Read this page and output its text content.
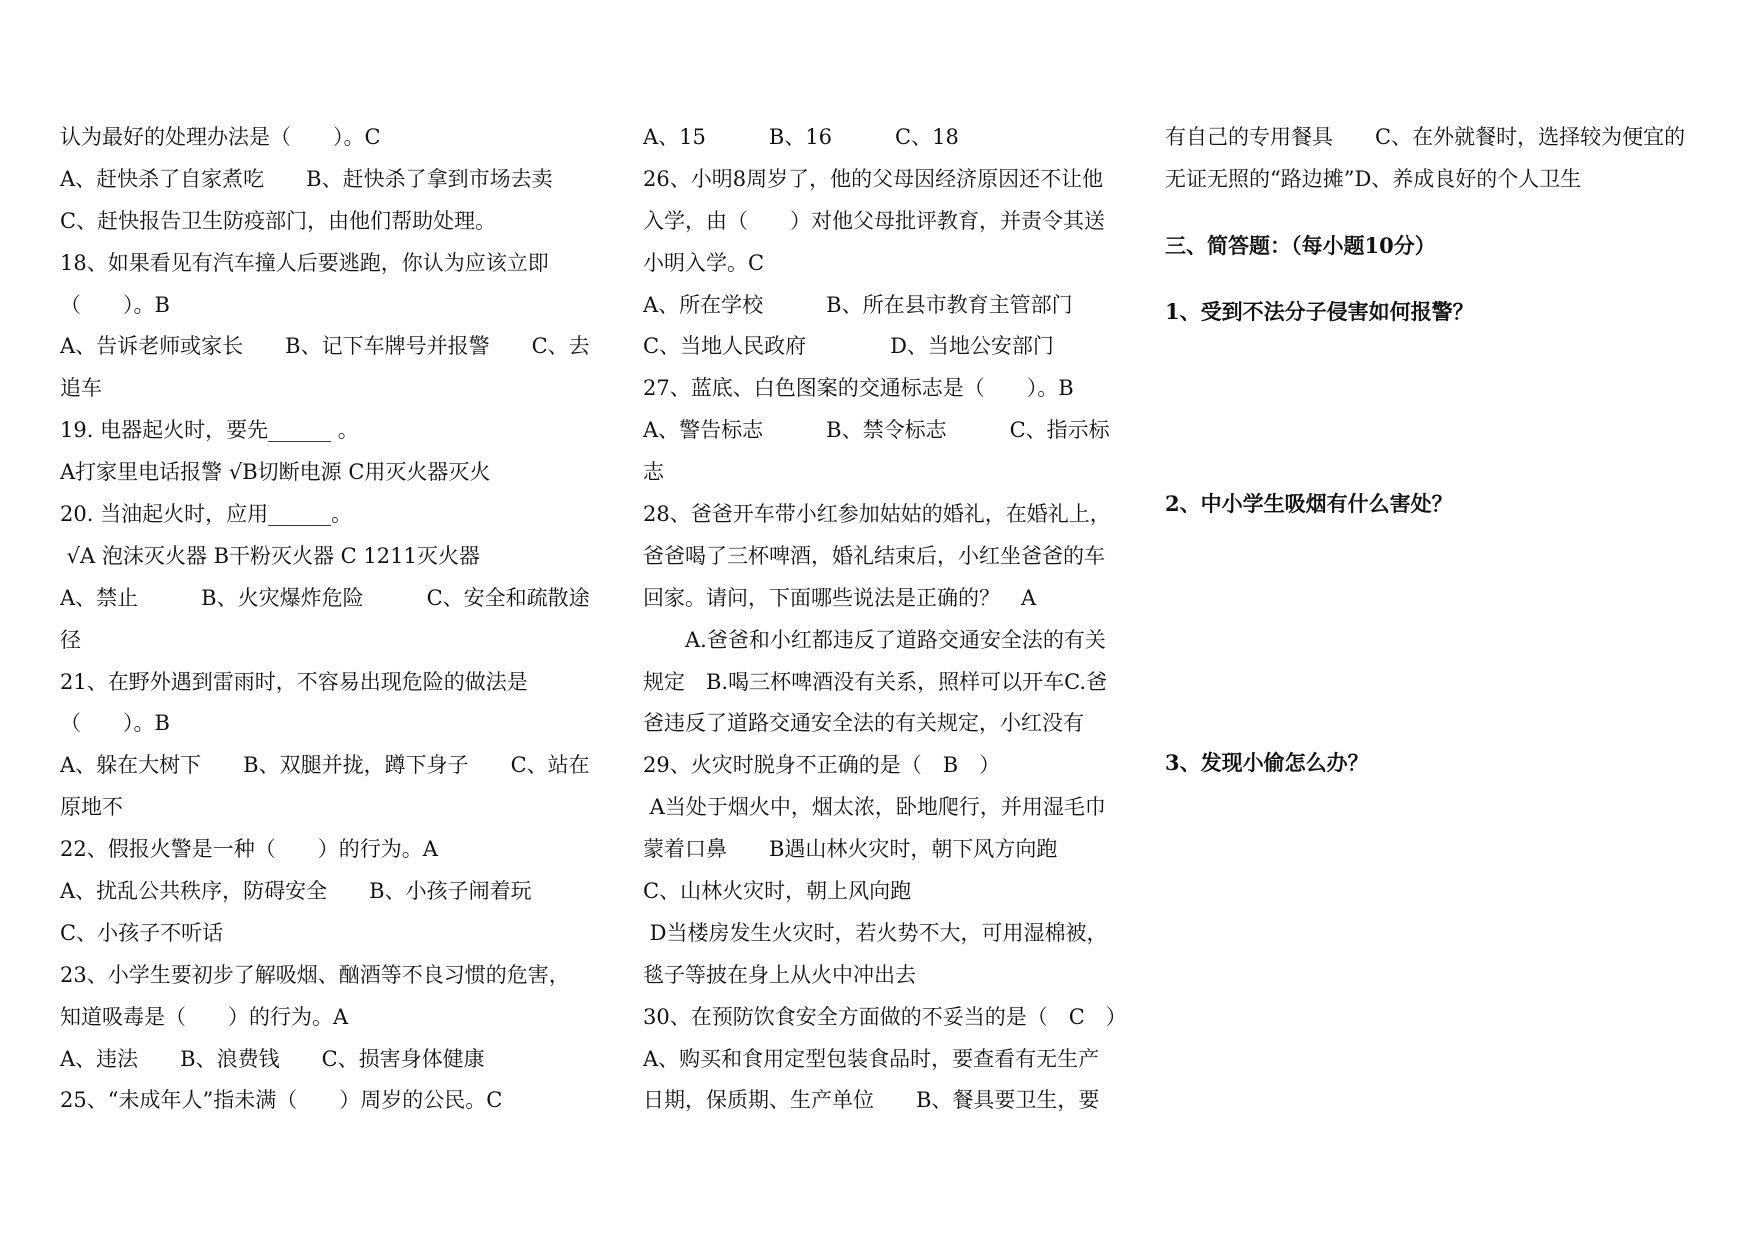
认为最好的处理办法是（　　）。C
A、赶快杀了自家煮吃　　B、赶快杀了拿到市场去卖
C、赶快报告卫生防疫部门，由他们帮助处理。
18、如果看见有汽车撞人后要逃跑，你认为应该立即
（　　）。B
A、告诉老师或家长　　B、记下车牌号并报警　　C、去
追车
19. 电器起火时，要先______ 。
A打家里电话报警 √B切断电源 C用灭火器灭火
20. 当油起火时，应用______。
√A 泡沫灭火器 B干粉灭火器 C 1211灭火器
A、禁止　　　B、火灾爆炸危险　　　C、安全和疏散途
径
21、在野外遇到雷雨时，不容易出现危险的做法是
（　　）。B
A、躲在大树下　　B、双腿并拢，蹲下身子　　C、站在
原地不
22、假报火警是一种（　　）的行为。A
A、扰乱公共秩序，防碍安全　　B、小孩子闹着玩
C、小孩子不听话
23、小学生要初步了解吸烟、酗酒等不良习惯的危害，
知道吸毒是（　　）的行为。A
A、违法　　B、浪费钱　　C、损害身体健康
25、“未成年人”指未满（　　）周岁的公民。C
A、15　　　B、16　　　C、18
26、小明8周岁了，他的父母因经济原因还不让他
入学，由（　　）对他父母批评教育，并责令其送
小明入学。C
A、所在学校　　　B、所在县市教育主管部门
C、当地人民政府　　　　D、当地公安部门
27、蓝底、白色图案的交通标志是（　　）。B
A、警告标志　　　B、禁令标志　　　C、指示标
志
28、爸爸开车带小红参加姑姑的婚礼，在婚礼上，
爸爸喝了三杯啤酒，婚礼结束后，小红坐爸爸的车
回家。请问，下面哪些说法是正确的？　A
　　A.爸爸和小红都违反了道路交通安全法的有关
规定　B.喝三杯啤酒没有关系，照样可以开车C.爸
爸违反了道路交通安全法的有关规定，小红没有
29、火灾时脱身不正确的是（　B　）
A当处于烟火中，烟太浓，卧地爬行，并用湿毛巾
蒙着口鼻　　B遇山林火灾时，朝下风方向跑
C、山林火灾时，朝上风向跑
D当楼房发生火灾时，若火势不大，可用湿棉被，
毯子等披在身上从火中冲出去
30、在预防饮食安全方面做的不妥当的是（　C　）
A、购买和食用定型包装食品时，要查看有无生产
日期，保质期、生产单位　　B、餐具要卫生，要
有自己的专用餐具　　C、在外就餐时，选择较为便宜的
无证无照的“路边摊”D、养成良好的个人卫生
三、简答题：（每小题10分）
1、受到不法分子侵害如何报警？
2、中小学生吸烟有什么害处？
3、发现小偷怎么办？
